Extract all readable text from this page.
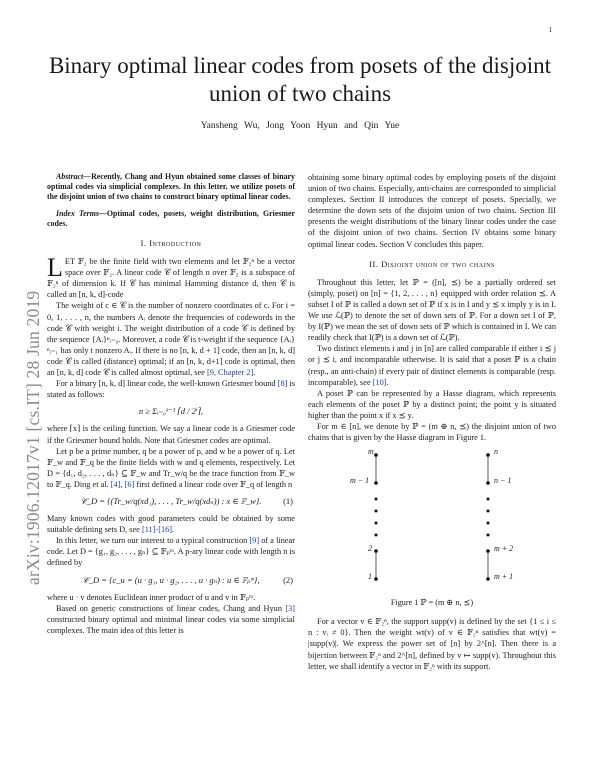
1
arXiv:1906.12017v1 [cs.IT] 28 Jun 2019
Binary optimal linear codes from posets of the disjoint union of two chains
Yansheng Wu, Jong Yoon Hyun and Qin Yue

Abstract—Recently, Chang and Hyun obtained some classes of binary optimal codes via simplicial complexes. In this letter, we utilize posets of the disjoint union of two chains to construct binary optimal linear codes.

Index Terms—Optimal codes, posets, weight distribution, Griesmer codes.

I. Introduction

LET 𝔽₂ be the finite field with two elements and let 𝔽₂ⁿ be a vector space over 𝔽₂. A linear code 𝒞 of length n over 𝔽₂ is a subspace of 𝔽₂ⁿ of dimension k. If 𝒞 has minimal Hamming distance d, then 𝒞 is called an [n, k, d]-code

The weight of c ∈ 𝒞 is the number of nonzero coordinates of c. For i = 0, 1, . . . , n, the numbers Aᵢ denote the frequencies of codewords in the code 𝒞 with weight i. The weight distribution of a code 𝒞 is defined by the sequence {Aᵢ}ⁿᵢ₌₀. Moreover, a code 𝒞 is t-weight if the sequence {Aᵢ}ⁿᵢ₌₁ has only t nonzero Aᵢ. If there is no [n, k, d + 1] code, then an [n, k, d] code 𝒞 is called (distance) optimal; if an [n, k, d+1] code is optimal, then an [n, k, d] code 𝒞 is called almost optimal, see [9, Chapter 2].

For a binary [n, k, d] linear code, the well-known Griesmer bound [8] is stated as follows:

n ≥ Σᵢ₌₀ᵏ⁻¹ ⌈d / 2ⁱ⌉,

where ⌈x⌉ is the ceiling function. We say a linear code is a Griesmer code if the Griesmer bound holds. Note that Griesmer codes are optimal.

Let p be a prime number, q be a power of p, and w be a power of q. Let 𝔽_w and 𝔽_q be the finite fields with w and q elements, respectively. Let D = {d₁, d₂, . . . , dₙ} ⊆ 𝔽_w and Tr_w/q be the trace function from 𝔽_w to 𝔽_q. Ding et al. [4], [6] first defined a linear code over 𝔽_q of length n

𝒞_D = {(Tr_w/q(xd₁), . . . , Tr_w/q(xdₙ)) : x ∈ 𝔽_w}.	(1)

Many known codes with good parameters could be obtained by some suitable defining sets D, see [11]-[16].

In this letter, we turn our interest to a typical construction [9] of a linear code. Let D = {g₁, g₂, . . . , gₙ} ⊆ 𝔽ₚᵐ. A p-ary linear code with length n is defined by

𝒞_D = {c_u = (u · g₁, u · g₂, . . . , u · gₙ) : u ∈ 𝔽ₚᵐ},	(2)

where u · v denotes Euclidean inner product of u and v in 𝔽ₚᵐ.

Based on generic constructions of linear codes, Chang and Hyun [3] constructed binary optimal and minimal linear codes via some simplicial complexes. The main idea of this letter is

obtaining some binary optimal codes by employing posets of the disjoint union of two chains. Especially, anti-chains are corresponded to simplicial complexes. Section II introduces the concept of posets. Specially, we determine the down sets of the disjoint union of two chains. Section III presents the weight distributions of the binary linear codes under the case of the disjoint union of two chains. Section IV obtains some binary optimal linear codes. Section V concludes this paper.

II. Disjoint union of two chains

Throughout this letter, let ℙ = ([n], ⪯) be a partially ordered set (simply, poset) on [n] = {1, 2, . . . , n} equipped with order relation ⪯. A subset I of ℙ is called a down set of ℙ if x is in I and y ⪯ x imply y is in I. We use ℒ(ℙ) to denote the set of down sets of ℙ. For a down set I of ℙ, by I(ℙ) we mean the set of down sets of ℙ which is contained in I. We can readily check that I(ℙ) is a down set of ℒ(ℙ).

Two distinct elements i and j in [n] are called comparable if either i ⪯ j or j ⪯ i, and incomparable otherwise. It is said that a poset ℙ is a chain (resp., an anti-chain) if every pair of distinct elements is comparable (resp. incomparable), see [10].

A poset ℙ can be represented by a Hasse diagram, which represents each elements of the poset ℙ by a distinct point; the point y is situated higher than the point x if x ⪯ y.

For m ∈ [n], we denote by ℙ = (m ⊕ n, ⪯) the disjoint union of two chains that is given by the Hasse diagram in Figure 1.

m
m − 1
2
1
n
n − 1
m + 2
m + 1
Figure 1 ℙ = (m ⊕ n, ⪯)

For a vector v ∈ 𝔽₂ⁿ, the support supp(v) is defined by the set {1 ≤ i ≤ n : vᵢ ≠ 0}. Then the weight wt(v) of v ∈ 𝔽₂ⁿ satisfies that wt(v) = |supp(v)|. We express the power set of [n] by 2^[n]. Then there is a bijection between 𝔽₂ⁿ and 2^[n], defined by v ↦ supp(v). Throughout this letter, we shall identify a vector in 𝔽₂ⁿ with its support.
